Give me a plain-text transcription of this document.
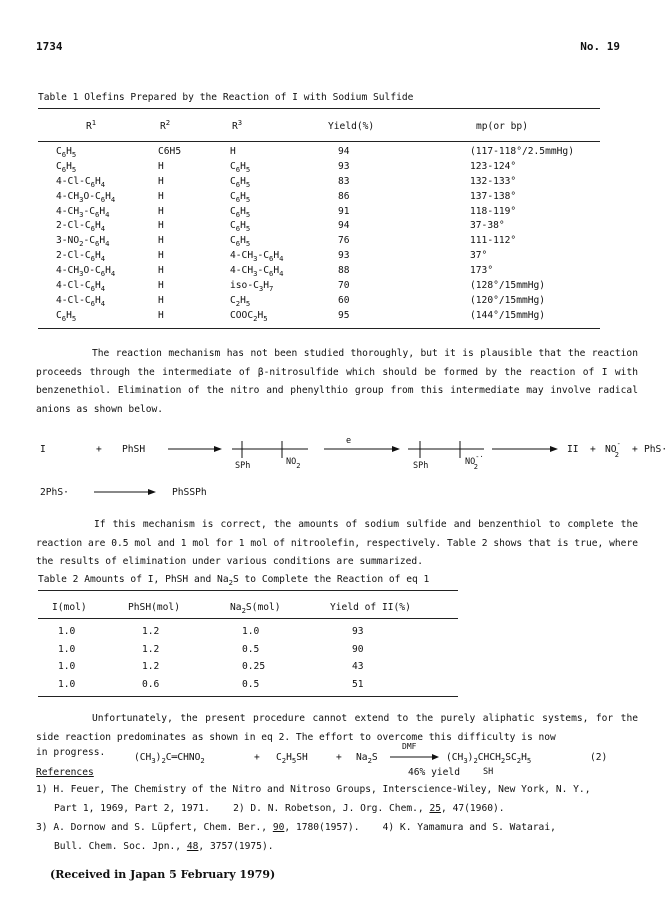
1734	No. 19
Table 1 Olefins Prepared by the Reaction of I with Sodium Sulfide
$R^1$	$R^2$	$R^3$	Yield(%)	mp(or bp)
$C_6H_5$	C6H5	H	94	(117-118°/2.5mmHg)
$C_6H_5$	H	$C_6H_5$	93	123-124°
$4-Cl-C_6H_4$	H	$C_6H_5$	83	132-133°
$4-CH_3O-C_6H_4$	H	$C_6H_5$	86	137-138°
$4-CH_3-C_6H_4$	H	$C_6H_5$	91	118-119°
$2-Cl-C_6H_4$	H	$C_6H_5$	94	37-38°
$3-NO_2-C_6H_4$	H	$C_6H_5$	76	111-112°
$2-Cl-C_6H_4$	H	$4-CH_3-C_6H_4$	93	37°
$4-CH_3O-C_6H_4$	H	$4-CH_3-C_6H_4$	88	173°
$4-Cl-C_6H_4$	H	iso-$C_3H_7$	70	(128°/15mmHg)
$4-Cl-C_6H_4$	H	$C_2H_5$	60	(120°/15mmHg)
$C_6H_5$	H	$COOC_2H_5$	95	(144°/15mmHg)
The reaction mechanism has not been studied thoroughly, but it is plausible that the reaction proceeds through the intermediate of β-nitrosulfide which should be formed by the reaction of I with benzenethiol. Elimination of the nitro and phenylthio group from this intermediate may involve radical anions as shown below.
I	+ PhSH
SPh	$NO_2$
e
SPh	NO-· 2
II + NO-2 + PhS·
2PhS·	PhSSPh
If this mechanism is correct, the amounts of sodium sulfide and benzenthiol to complete the reaction are 0.5 mol and 1 mol for 1 mol of nitroolefin, respectively. Table 2 shows that is true, where the results of elimination under various conditions are summarized.
Table 2 Amounts of I, PhSH and $Na_2S$ to Complete the Reaction of eq 1
I(mol)	PhSH(mol)	$Na_2S(mol)$	Yield of II(%)
1.0	1.2	1.0	93
1.0	1.2	0.5	90
1.0	1.2	0.25	43
1.0	0.6	0.5	51
Unfortunately, the present procedure cannot extend to the purely aliphatic systems, for the side reaction predominates as shown in eq 2. The effort to overcome this difficulty is now
in progress.	$(CH_3)_2C═CHNO_2$	+ $C_2H_5SH$	+ $Na_2S$
DMF
$(CH_3)_2CHCH_2SC_2H_5$
SH
46% yield
(2)
References
1) H. Feuer, The Chemistry of the Nitro and Nitroso Groups, Interscience-Wiley, New York, N. Y.,
Part 1, 1969, Part 2, 1971. 2) D. N. Robetson, J. Org. Chem., 25, 47(1960).
3) A. Dornow and S. Lüpfert, Chem. Ber., 90, 1780(1957). 4) K. Yamamura and S. Watarai,
Bull. Chem. Soc. Jpn., 48, 3757(1975).
(Received in Japan 5 February 1979)
